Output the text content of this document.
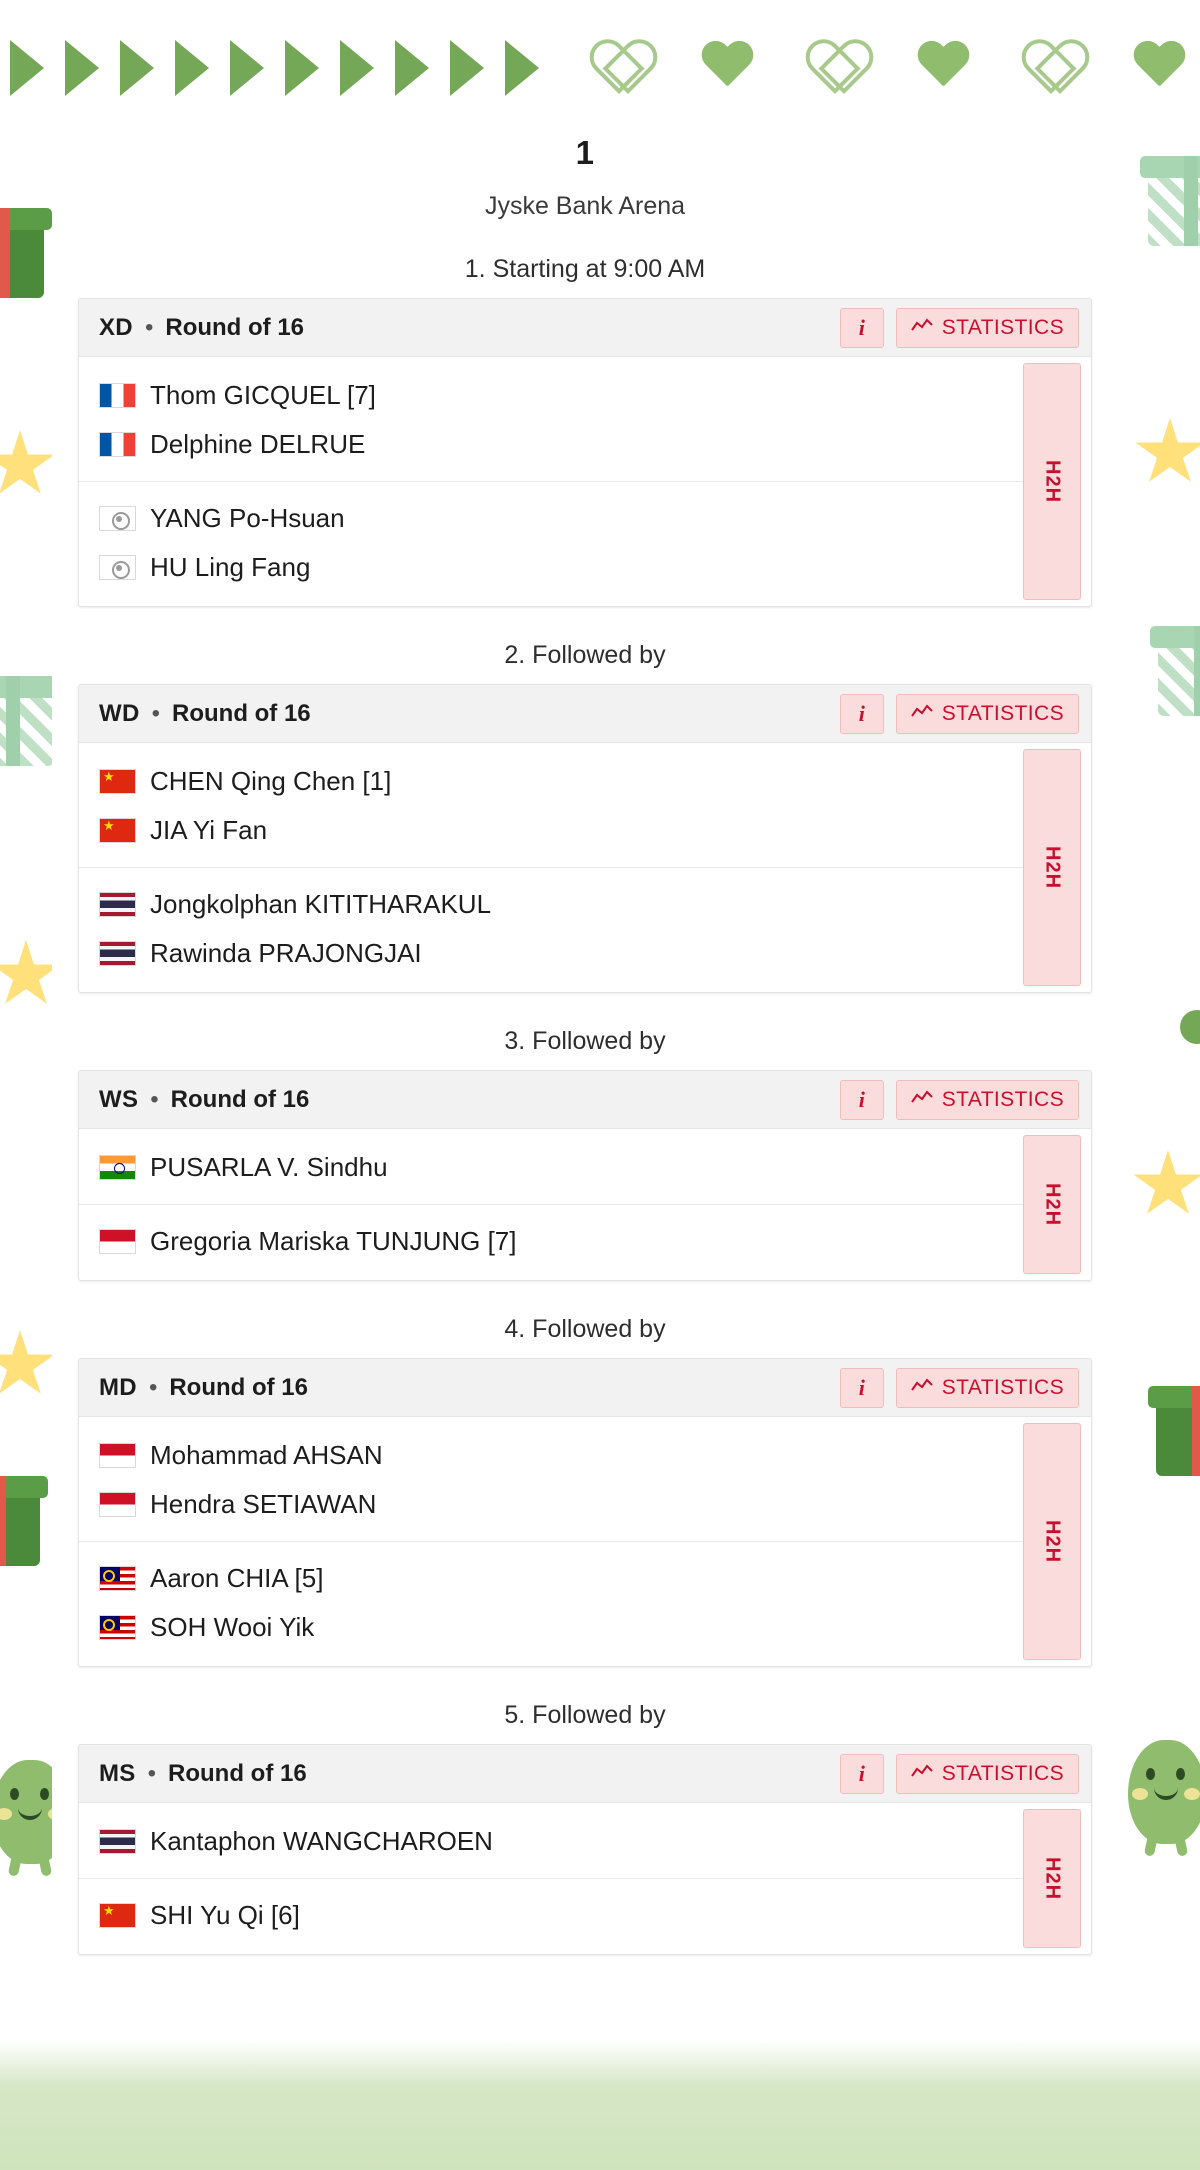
1
Jyske Bank Arena
1. Starting at 9:00 AM
XD • Round of 16	i	STATISTICS
Thom GICQUEL [7]
Delphine DELRUE
YANG Po-Hsuan
HU Ling Fang
H2H
2. Followed by
WD • Round of 16	i	STATISTICS
★
CHEN Qing Chen [1]
★
JIA Yi Fan
Jongkolphan KITITHARAKUL
Rawinda PRAJONGJAI
H2H
3. Followed by
WS • Round of 16	i	STATISTICS
PUSARLA V. Sindhu
Gregoria Mariska TUNJUNG [7]
H2H
4. Followed by
MD • Round of 16	i	STATISTICS
Mohammad AHSAN
Hendra SETIAWAN
Aaron CHIA [5]
SOH Wooi Yik
H2H
5. Followed by
MS • Round of 16	i	STATISTICS
Kantaphon WANGCHAROEN
★
SHI Yu Qi [6]
H2H
